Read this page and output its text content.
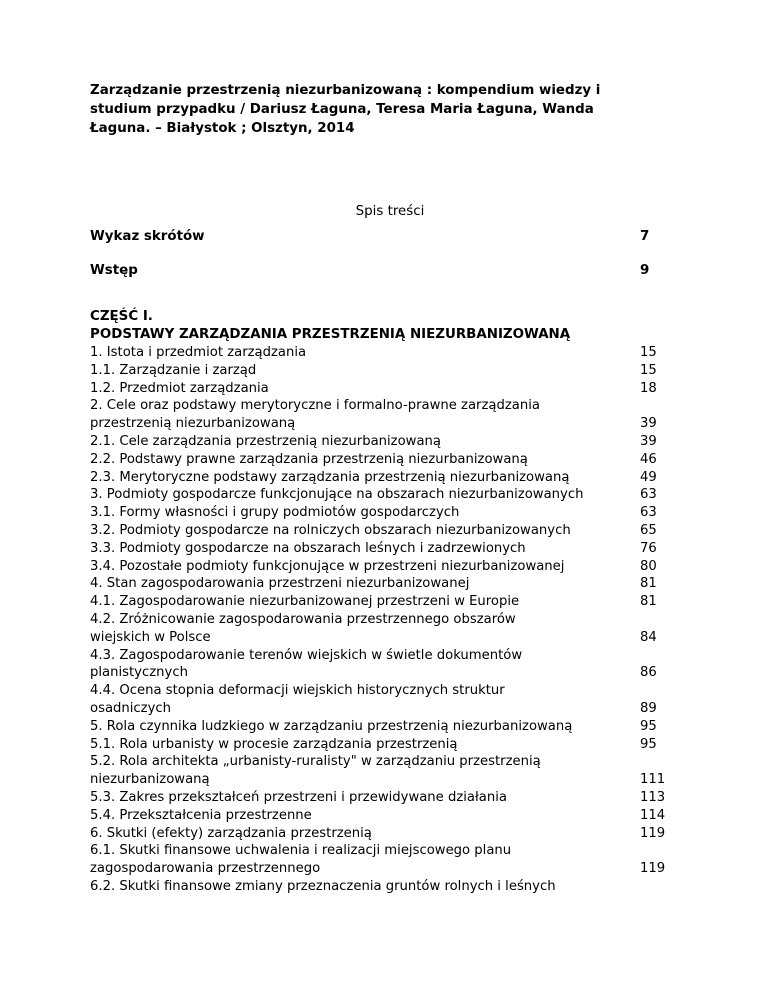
Zarządzanie przestrzenią niezurbanizowaną : kompendium wiedzy i
studium przypadku / Dariusz Łaguna, Teresa Maria Łaguna, Wanda
Łaguna. – Białystok ; Olsztyn, 2014
Spis treści
Wykaz skrótów	7
Wstęp	9
CZĘŚĆ I.
PODSTAWY ZARZĄDZANIA PRZESTRZENIĄ NIEZURBANIZOWANĄ
1. Istota i przedmiot zarządzania	15
1.1. Zarządzanie i zarząd	15
1.2. Przedmiot zarządzania	18
2. Cele oraz podstawy merytoryczne i formalno-prawne zarządzania
przestrzenią niezurbanizowaną	39
2.1. Cele zarządzania przestrzenią niezurbanizowaną	39
2.2. Podstawy prawne zarządzania przestrzenią niezurbanizowaną	46
2.3. Merytoryczne podstawy zarządzania przestrzenią niezurbanizowaną	49
3. Podmioty gospodarcze funkcjonujące na obszarach niezurbanizowanych	63
3.1. Formy własności i grupy podmiotów gospodarczych	63
3.2. Podmioty gospodarcze na rolniczych obszarach niezurbanizowanych	65
3.3. Podmioty gospodarcze na obszarach leśnych i zadrzewionych	76
3.4. Pozostałe podmioty funkcjonujące w przestrzeni niezurbanizowanej	80
4. Stan zagospodarowania przestrzeni niezurbanizowanej	81
4.1. Zagospodarowanie niezurbanizowanej przestrzeni w Europie	81
4.2. Zróżnicowanie zagospodarowania przestrzennego obszarów
wiejskich w Polsce	84
4.3. Zagospodarowanie terenów wiejskich w świetle dokumentów
planistycznych	86
4.4. Ocena stopnia deformacji wiejskich historycznych struktur
osadniczych	89
5. Rola czynnika ludzkiego w zarządzaniu przestrzenią niezurbanizowaną	95
5.1. Rola urbanisty w procesie zarządzania przestrzenią	95
5.2. Rola architekta „urbanisty-ruralisty" w zarządzaniu przestrzenią
niezurbanizowaną	111
5.3. Zakres przekształceń przestrzeni i przewidywane działania	113
5.4. Przekształcenia przestrzenne	114
6. Skutki (efekty) zarządzania przestrzenią	119
6.1. Skutki finansowe uchwalenia i realizacji miejscowego planu
zagospodarowania przestrzennego	119
6.2. Skutki finansowe zmiany przeznaczenia gruntów rolnych i leśnych
